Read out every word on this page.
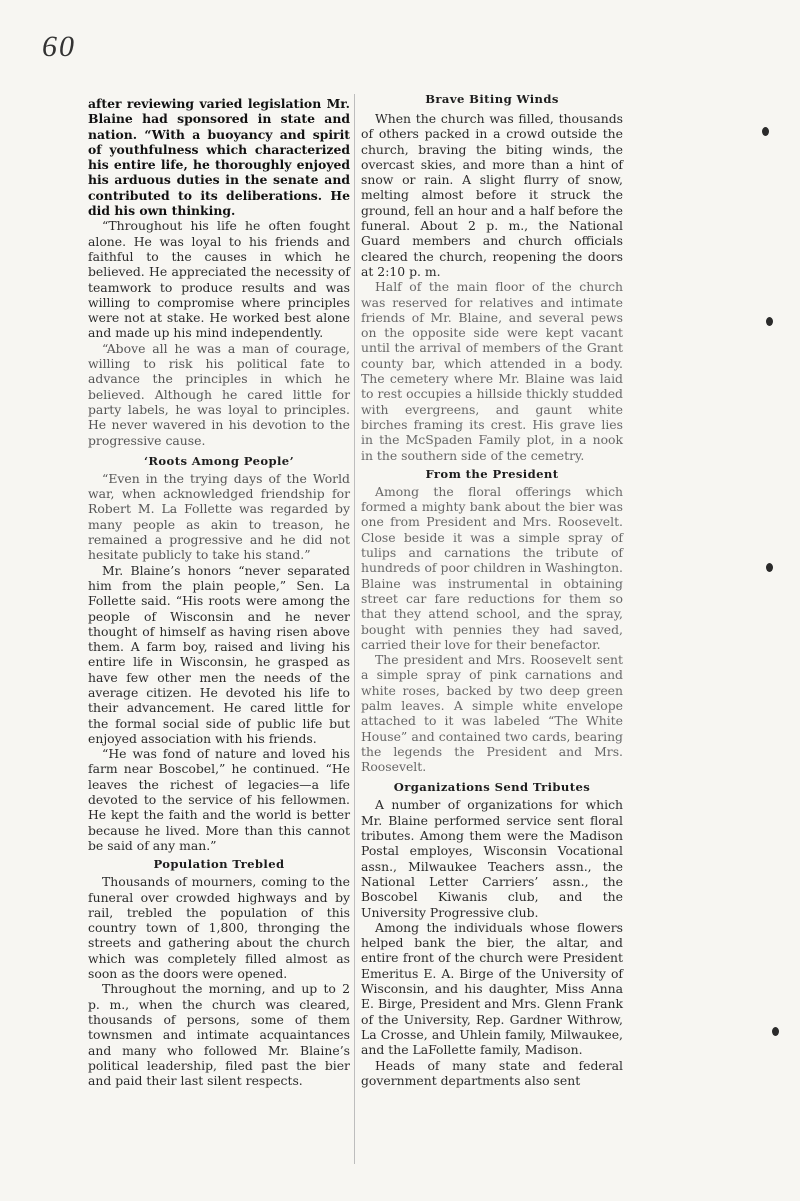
60

after reviewing varied legislation Mr. Blaine had sponsored in state and nation. “With a buoyancy and spirit of youthfulness which characterized his entire life, he thoroughly enjoyed his arduous duties in the senate and contributed to its deliberations. He did his own thinking.

“Throughout his life he often fought alone. He was loyal to his friends and faithful to the causes in which he believed. He appreciated the necessity of teamwork to produce results and was willing to compromise where principles were not at stake. He worked best alone and made up his mind independently.

“Above all he was a man of courage, willing to risk his political fate to advance the principles in which he believed. Although he cared little for party labels, he was loyal to principles. He never wavered in his devotion to the progressive cause.

‘Roots Among People’

“Even in the trying days of the World war, when acknowledged friendship for Robert M. La Follette was regarded by many people as akin to treason, he remained a progressive and he did not hesitate publicly to take his stand.”

Mr. Blaine’s honors “never separated him from the plain people,” Sen. La Follette said. “His roots were among the people of Wisconsin and he never thought of himself as having risen above them. A farm boy, raised and living his entire life in Wisconsin, he grasped as have few other men the needs of the average citizen. He devoted his life to their advancement. He cared little for the formal social side of public life but enjoyed association with his friends.

“He was fond of nature and loved his farm near Boscobel,” he continued. “He leaves the richest of legacies—a life devoted to the service of his fellowmen. He kept the faith and the world is better because he lived. More than this cannot be said of any man.”

Population Trebled

Thousands of mourners, coming to the funeral over crowded highways and by rail, trebled the population of this country town of 1,800, thronging the streets and gathering about the church which was completely filled almost as soon as the doors were opened.

Throughout the morning, and up to 2 p. m., when the church was cleared, thousands of persons, some of them townsmen and intimate acquaintances and many who followed Mr. Blaine’s political leadership, filed past the bier and paid their last silent respects.

Brave Biting Winds

When the church was filled, thousands of others packed in a crowd outside the church, braving the biting winds, the overcast skies, and more than a hint of snow or rain. A slight flurry of snow, melting almost before it struck the ground, fell an hour and a half before the funeral. About 2 p. m., the National Guard members and church officials cleared the church, reopening the doors at 2:10 p. m.

Half of the main floor of the church was reserved for relatives and intimate friends of Mr. Blaine, and several pews on the opposite side were kept vacant until the arrival of members of the Grant county bar, which attended in a body. The cemetery where Mr. Blaine was laid to rest occupies a hillside thickly studded with evergreens, and gaunt white birches framing its crest. His grave lies in the McSpaden Family plot, in a nook in the southern side of the cemetry.

From the President

Among the floral offerings which formed a mighty bank about the bier was one from President and Mrs. Roosevelt. Close beside it was a simple spray of tulips and carnations the tribute of hundreds of poor children in Washington. Blaine was instrumental in obtaining street car fare reductions for them so that they attend school, and the spray, bought with pennies they had saved, carried their love for their benefactor.

The president and Mrs. Roosevelt sent a simple spray of pink carnations and white roses, backed by two deep green palm leaves. A simple white envelope attached to it was labeled “The White House” and contained two cards, bearing the legends the President and Mrs. Roosevelt.

Organizations Send Tributes

A number of organizations for which Mr. Blaine performed service sent floral tributes. Among them were the Madison Postal employes, Wisconsin Vocational assn., Milwaukee Teachers assn., the National Letter Carriers’ assn., the Boscobel Kiwanis club, and the University Progressive club.

Among the individuals whose flowers helped bank the bier, the altar, and entire front of the church were President Emeritus E. A. Birge of the University of Wisconsin, and his daughter, Miss Anna E. Birge, President and Mrs. Glenn Frank of the University, Rep. Gardner Withrow, La Crosse, and Uhlein family, Milwaukee, and the LaFollette family, Madison.

Heads of many state and federal government departments also sent
